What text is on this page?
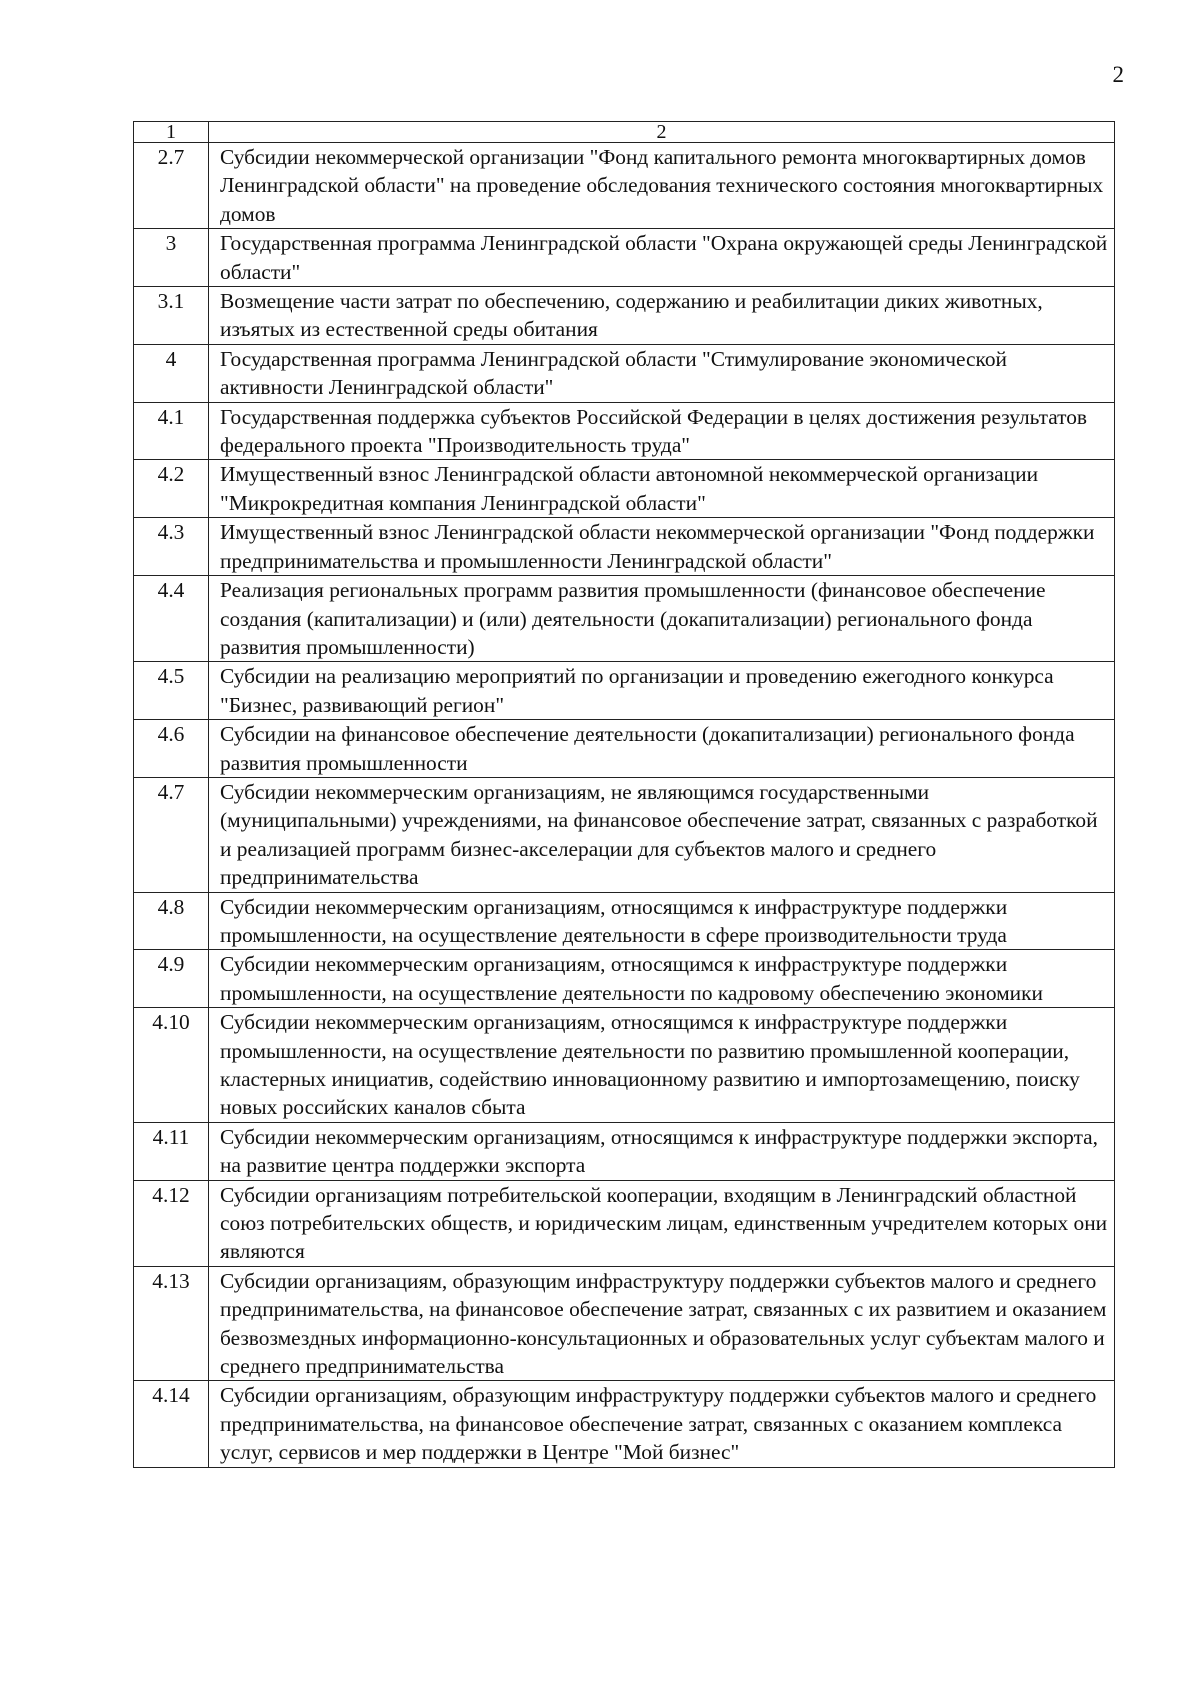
2
1	2
2.7	Субсидии некоммерческой организации "Фонд капитального ремонта многоквартирных домов Ленинградской области" на проведение обследования технического состояния многоквартирных домов
3	Государственная программа Ленинградской области "Охрана окружающей среды Ленинградской области"
3.1	Возмещение части затрат по обеспечению, содержанию и реабилитации диких животных, изъятых из естественной среды обитания
4	Государственная программа Ленинградской области "Стимулирование экономической активности Ленинградской области"
4.1	Государственная поддержка субъектов Российской Федерации в целях достижения результатов федерального проекта "Производительность труда"
4.2	Имущественный взнос Ленинградской области автономной некоммерческой организации "Микрокредитная компания Ленинградской области"
4.3	Имущественный взнос Ленинградской области некоммерческой организации "Фонд поддержки предпринимательства и промышленности Ленинградской области"
4.4	Реализация региональных программ развития промышленности (финансовое обеспечение создания (капитализации) и (или) деятельности (докапитализации) регионального фонда развития промышленности)
4.5	Субсидии на реализацию мероприятий по организации и проведению ежегодного конкурса "Бизнес, развивающий регион"
4.6	Субсидии на финансовое обеспечение деятельности (докапитализации) регионального фонда развития промышленности
4.7	Субсидии некоммерческим организациям, не являющимся государственными (муниципальными) учреждениями, на финансовое обеспечение затрат, связанных с разработкой и реализацией программ бизнес-акселерации для субъектов малого и среднего предпринимательства
4.8	Субсидии некоммерческим организациям, относящимся к инфраструктуре поддержки промышленности, на осуществление деятельности в сфере производительности труда
4.9	Субсидии некоммерческим организациям, относящимся к инфраструктуре поддержки промышленности, на осуществление деятельности по кадровому обеспечению экономики
4.10	Субсидии некоммерческим организациям, относящимся к инфраструктуре поддержки промышленности, на осуществление деятельности по развитию промышленной кооперации, кластерных инициатив, содействию инновационному развитию и импортозамещению, поиску новых российских каналов сбыта
4.11	Субсидии некоммерческим организациям, относящимся к инфраструктуре поддержки экспорта, на развитие центра поддержки экспорта
4.12	Субсидии организациям потребительской кооперации, входящим в Ленинградский областной союз потребительских обществ, и юридическим лицам, единственным учредителем которых они являются
4.13	Субсидии организациям, образующим инфраструктуру поддержки субъектов малого и среднего предпринимательства, на финансовое обеспечение затрат, связанных с их развитием и оказанием безвозмездных информационно-консультационных и образовательных услуг субъектам малого и среднего предпринимательства
4.14	Субсидии организациям, образующим инфраструктуру поддержки субъектов малого и среднего предпринимательства, на финансовое обеспечение затрат, связанных с оказанием комплекса услуг, сервисов и мер поддержки в Центре "Мой бизнес"
